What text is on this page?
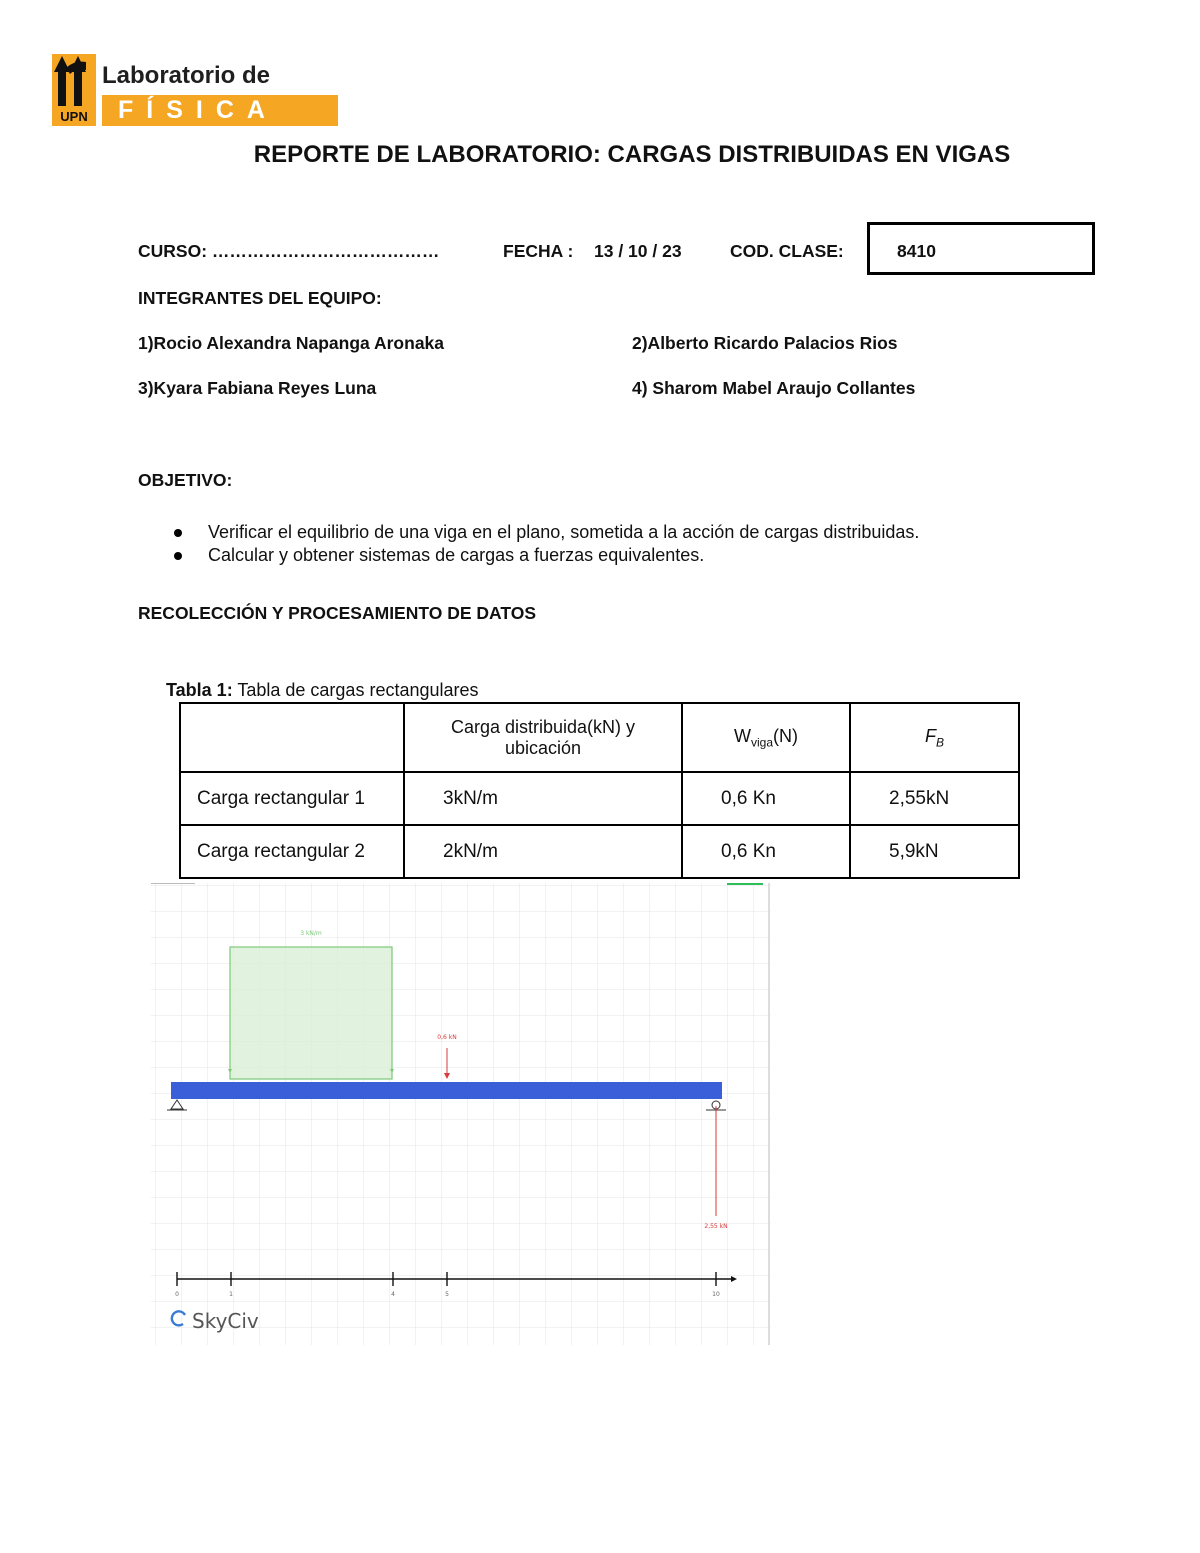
UPN
Laboratorio de
FÍSICA
REPORTE DE LABORATORIO: CARGAS DISTRIBUIDAS EN VIGAS
CURSO: …………………………………	FECHA : 13 / 10 / 23	COD. CLASE:	8410
INTEGRANTES DEL EQUIPO:
1)Rocio Alexandra Napanga Aronaka	2)Alberto Ricardo Palacios Rios
3)Kyara Fabiana Reyes Luna	4) Sharom Mabel Araujo Collantes
OBJETIVO:
Verificar el equilibrio de una viga en el plano, sometida a la acción de cargas distribuidas.
Calcular y obtener sistemas de cargas a fuerzas equivalentes.
RECOLECCIÓN Y PROCESAMIENTO DE DATOS
Tabla 1: Tabla de cargas rectangulares

	Carga distribuida(kN) y
ubicación	$W_{viga}(N)$	$F_B$
Carga rectangular 1	3kN/m	0,6 Kn	2,55kN
Carga rectangular 2	2kN/m	0,6 Kn	5,9kN
3 kN/m
0,6 kN
2,55 kN
0	1	4	5	10
SkyCiv
